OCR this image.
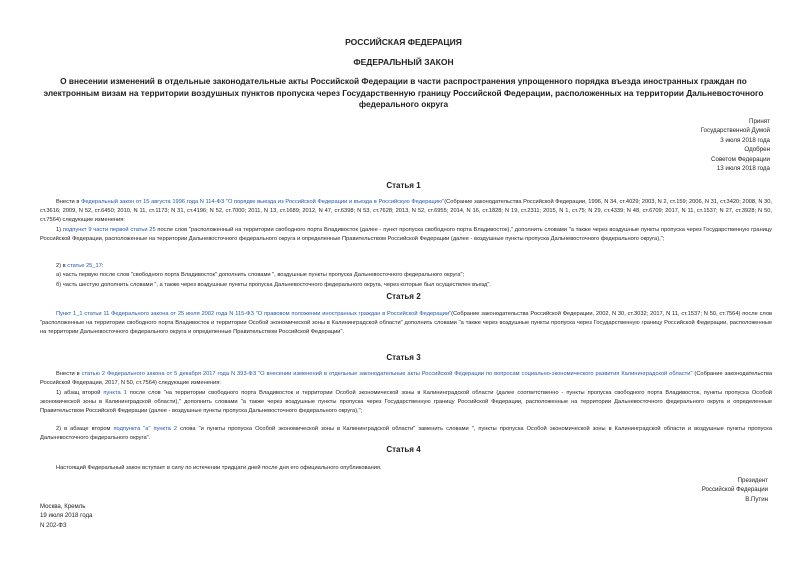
РОССИЙСКАЯ ФЕДЕРАЦИЯ
ФЕДЕРАЛЬНЫЙ ЗАКОН
О внесении изменений в отдельные законодательные акты Российской Федерации в части распространения упрощенного порядка въезда иностранных граждан по электронным визам на территории воздушных пунктов пропуска через Государственную границу Российской Федерации, расположенных на территории Дальневосточного федерального округа
Принят
Государственной Думой
3 июля 2018 года
Одобрен
Советом Федерации
13 июля 2018 года
Статья 1
Внести в Федеральный закон от 15 августа 1996 года N 114-ФЗ "О порядке выезда из Российской Федерации и въезда в Российскую Федерацию"(Собрание законодательства Российской Федерации, 1996, N 34, ст.4029; 2003, N 2, ст.159; 2006, N 31, ст.3420; 2008, N 30, ст.3616; 2009, N 52, ст.6450; 2010, N 11, ст.1173; N 31, ст.4196; N 52, ст.7000; 2011, N 13, ст.1689; 2012, N 47, ст.6398; N 53, ст.7628; 2013, N 52, ст.6955; 2014, N 16, ст.1828; N 19, ст.2311; 2015, N 1, ст.75; N 29, ст.4339; N 48, ст.6709; 2017, N 11, ст.1537; N 27, ст.3928; N 50, ст.7564) следующие изменения:
1) подпункт 9 части первой статьи 25 после слов "расположенный на территории свободного порта Владивосток (далее - пункт пропуска свободного порта Владивосток)," дополнить словами "а также через воздушные пункты пропуска через Государственную границу Российской Федерации, расположенные на территории Дальневосточного федерального округа и определенные Правительством Российской Федерации (далее - воздушные пункты пропуска Дальневосточного федерального округа),";
2) в статье 25_17:
а) часть первую после слов "свободного порта Владивосток" дополнить словами ", воздушные пункты пропуска Дальневосточного федерального округа";
б) часть шестую дополнить словами ", а также через воздушные пункты пропуска Дальневосточного федерального округа, через которые был осуществлен въезд".
Статья 2
Пункт 1_1 статьи 11 Федерального закона от 25 июля 2002 года N 115-ФЗ "О правовом положении иностранных граждан в Российской Федерации"(Собрание законодательства Российской Федерации, 2002, N 30, ст.3032; 2017, N 11, ст.1537; N 50, ст.7564) после слов "расположенные на территории свободного порта Владивосток и территории Особой экономической зоны в Калининградской области" дополнить словами "а также через воздушные пункты пропуска через Государственную границу Российской Федерации, расположенные на территории Дальневосточного федерального округа и определенные Правительством Российской Федерации".
Статья 3
Внести в статью 2 Федерального закона от 5 декабря 2017 года N 393-ФЗ "О внесении изменений в отдельные законодательные акты Российской Федерации по вопросам социально-экономического развития Калининградской области" (Собрание законодательства Российской Федерации, 2017, N 50, ст.7564) следующие изменения:
1) абзац второй пункта 1 после слов "на территории свободного порта Владивосток и территории Особой экономической зоны в Калининградской области (далее соответственно - пункты пропуска свободного порта Владивосток, пункты пропуска Особой экономической зоны в Калининградской области)," дополнить словами "а также через воздушные пункты пропуска через Государственную границу Российской Федерации, расположенные на территории Дальневосточного федерального округа и определенные Правительством Российской Федерации (далее - воздушные пункты пропуска Дальневосточного федерального округа),";
2) в абзаце втором подпункта "а" пункта 2 слова "и пункты пропуска Особой экономической зоны в Калининградской области" заменить словами ", пункты пропуска Особой экономической зоны в Калининградской области и воздушные пункты пропуска Дальневосточного федерального округа".
Статья 4
Настоящий Федеральный закон вступает в силу по истечении тридцати дней после дня его официального опубликования.
Президент
Российской Федерации
В.Путин
Москва, Кремль
19 июля 2018 года
N 202-ФЗ
